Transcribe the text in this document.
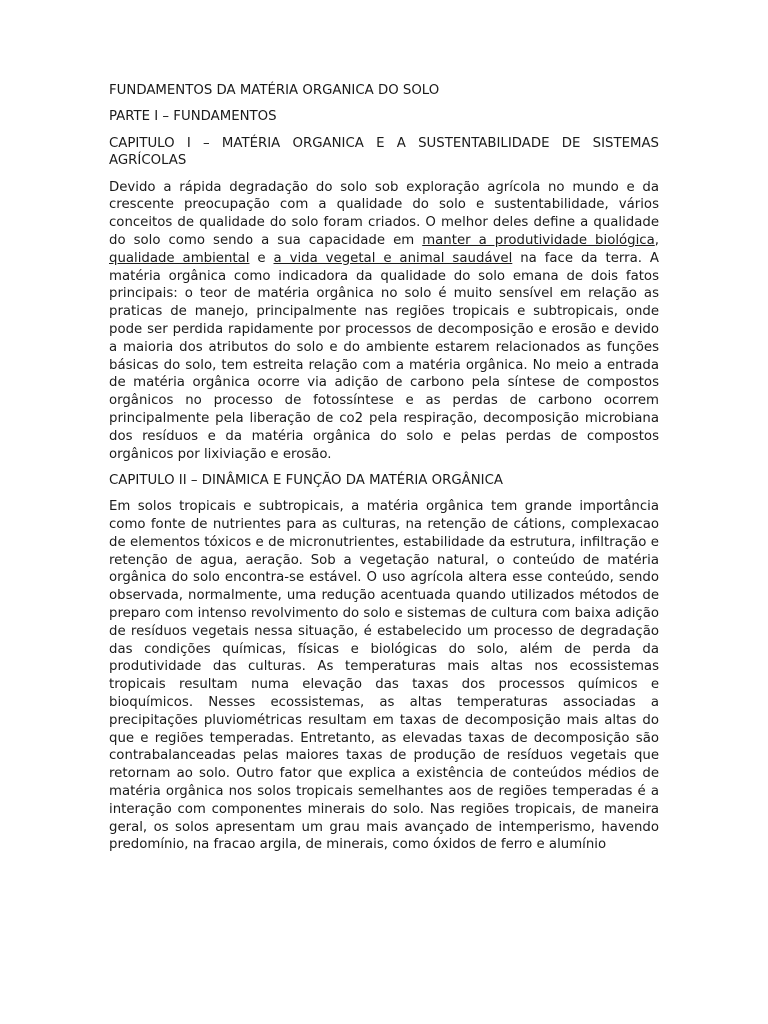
FUNDAMENTOS DA MATÉRIA ORGANICA DO SOLO

PARTE I – FUNDAMENTOS

CAPITULO I – MATÉRIA ORGANICA E A SUSTENTABILIDADE DE SISTEMAS AGRÍCOLAS

Devido a rápida degradação do solo sob exploração agrícola no mundo e da crescente preocupação com a qualidade do solo e sustentabilidade, vários conceitos de qualidade do solo foram criados. O melhor deles define a qualidade do solo como sendo a sua capacidade em manter a produtividade biológica, qualidade ambiental e a vida vegetal e animal saudável na face da terra. A matéria orgânica como indicadora da qualidade do solo emana de dois fatos principais: o teor de matéria orgânica no solo é muito sensível em relação as praticas de manejo, principalmente nas regiões tropicais e subtropicais, onde pode ser perdida rapidamente por processos de decomposição e erosão e devido a maioria dos atributos do solo e do ambiente estarem relacionados as funções básicas do solo, tem estreita relação com a matéria orgânica. No meio a entrada de matéria orgânica ocorre via adição de carbono pela síntese de compostos orgânicos no processo de fotossíntese e as perdas de carbono ocorrem principalmente pela liberação de co2 pela respiração, decomposição microbiana dos resíduos e da matéria orgânica do solo e pelas perdas de compostos orgânicos por lixiviação e erosão.

CAPITULO II – DINÂMICA E FUNÇÃO DA MATÉRIA ORGÂNICA

Em solos tropicais e subtropicais, a matéria orgânica tem grande importância como fonte de nutrientes para as culturas, na retenção de cátions, complexacao de elementos tóxicos e de micronutrientes, estabilidade da estrutura, infiltração e retenção de agua, aeração. Sob a vegetação natural, o conteúdo de matéria orgânica do solo encontra-se estável. O uso agrícola altera esse conteúdo, sendo observada, normalmente, uma redução acentuada quando utilizados métodos de preparo com intenso revolvimento do solo e sistemas de cultura com baixa adição de resíduos vegetais nessa situação, é estabelecido um processo de degradação das condições químicas, físicas e biológicas do solo, além de perda da produtividade das culturas. As temperaturas mais altas nos ecossistemas tropicais resultam numa elevação das taxas dos processos químicos e bioquímicos. Nesses ecossistemas, as altas temperaturas associadas a precipitações pluviométricas resultam em taxas de decomposição mais altas do que e regiões temperadas. Entretanto, as elevadas taxas de decomposição são contrabalanceadas pelas maiores taxas de produção de resíduos vegetais que retornam ao solo. Outro fator que explica a existência de conteúdos médios de matéria orgânica nos solos tropicais semelhantes aos de regiões temperadas é a interação com componentes minerais do solo. Nas regiões tropicais, de maneira geral, os solos apresentam um grau mais avançado de intemperismo, havendo predomínio, na fracao argila, de minerais, como óxidos de ferro e alumínio
